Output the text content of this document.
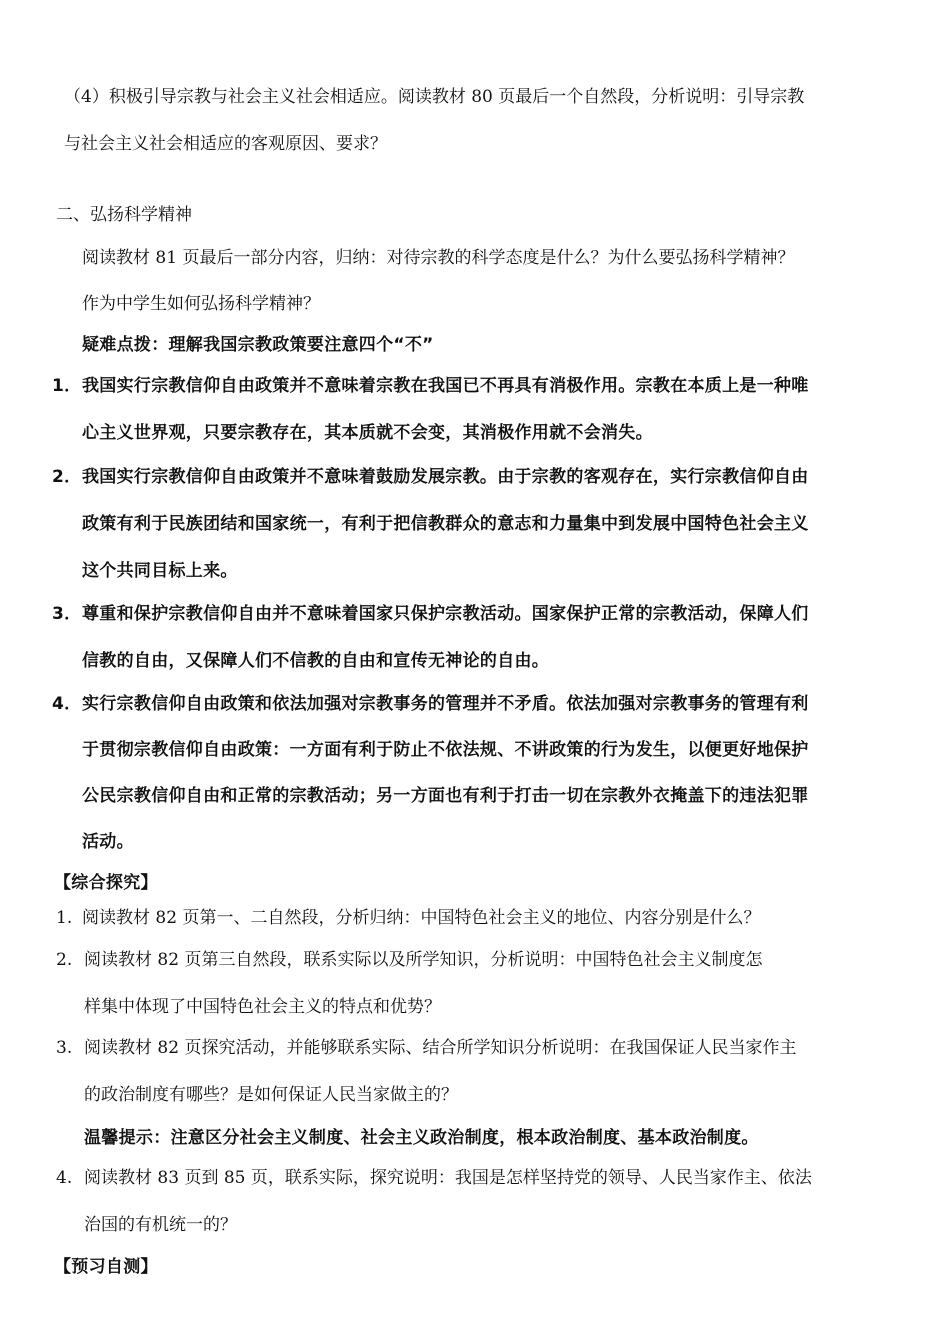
（4）积极引导宗教与社会主义社会相适应。阅读教材 80 页最后一个自然段，分析说明：引导宗教
与社会主义社会相适应的客观原因、要求？
二、弘扬科学精神
阅读教材 81 页最后一部分内容，归纳：对待宗教的科学态度是什么？为什么要弘扬科学精神？
作为中学生如何弘扬科学精神？
疑难点拨：理解我国宗教政策要注意四个“不”
1． 我国实行宗教信仰自由政策并不意味着宗教在我国已不再具有消极作用。宗教在本质上是一种唯
心主义世界观，只要宗教存在，其本质就不会变，其消极作用就不会消失。
2． 我国实行宗教信仰自由政策并不意味着鼓励发展宗教。由于宗教的客观存在，实行宗教信仰自由
政策有利于民族团结和国家统一，有利于把信教群众的意志和力量集中到发展中国特色社会主义
这个共同目标上来。
3． 尊重和保护宗教信仰自由并不意味着国家只保护宗教活动。国家保护正常的宗教活动，保障人们
信教的自由，又保障人们不信教的自由和宣传无神论的自由。
4． 实行宗教信仰自由政策和依法加强对宗教事务的管理并不矛盾。依法加强对宗教事务的管理有利
于贯彻宗教信仰自由政策：一方面有利于防止不依法规、不讲政策的行为发生，以便更好地保护
公民宗教信仰自由和正常的宗教活动；另一方面也有利于打击一切在宗教外衣掩盖下的违法犯罪
活动。
【综合探究】
1. 阅读教材 82 页第一、二自然段，分析归纳：中国特色社会主义的地位、内容分别是什么？
2. 阅读教材 82 页第三自然段，联系实际以及所学知识，分析说明：中国特色社会主义制度怎
样集中体现了中国特色社会主义的特点和优势？
3. 阅读教材 82 页探究活动，并能够联系实际、结合所学知识分析说明：在我国保证人民当家作主
的政治制度有哪些？是如何保证人民当家做主的？
温馨提示：注意区分社会主义制度、社会主义政治制度，根本政治制度、基本政治制度。
4. 阅读教材 83 页到 85 页，联系实际，探究说明：我国是怎样坚持党的领导、人民当家作主、依法
治国的有机统一的？
【预习自测】
